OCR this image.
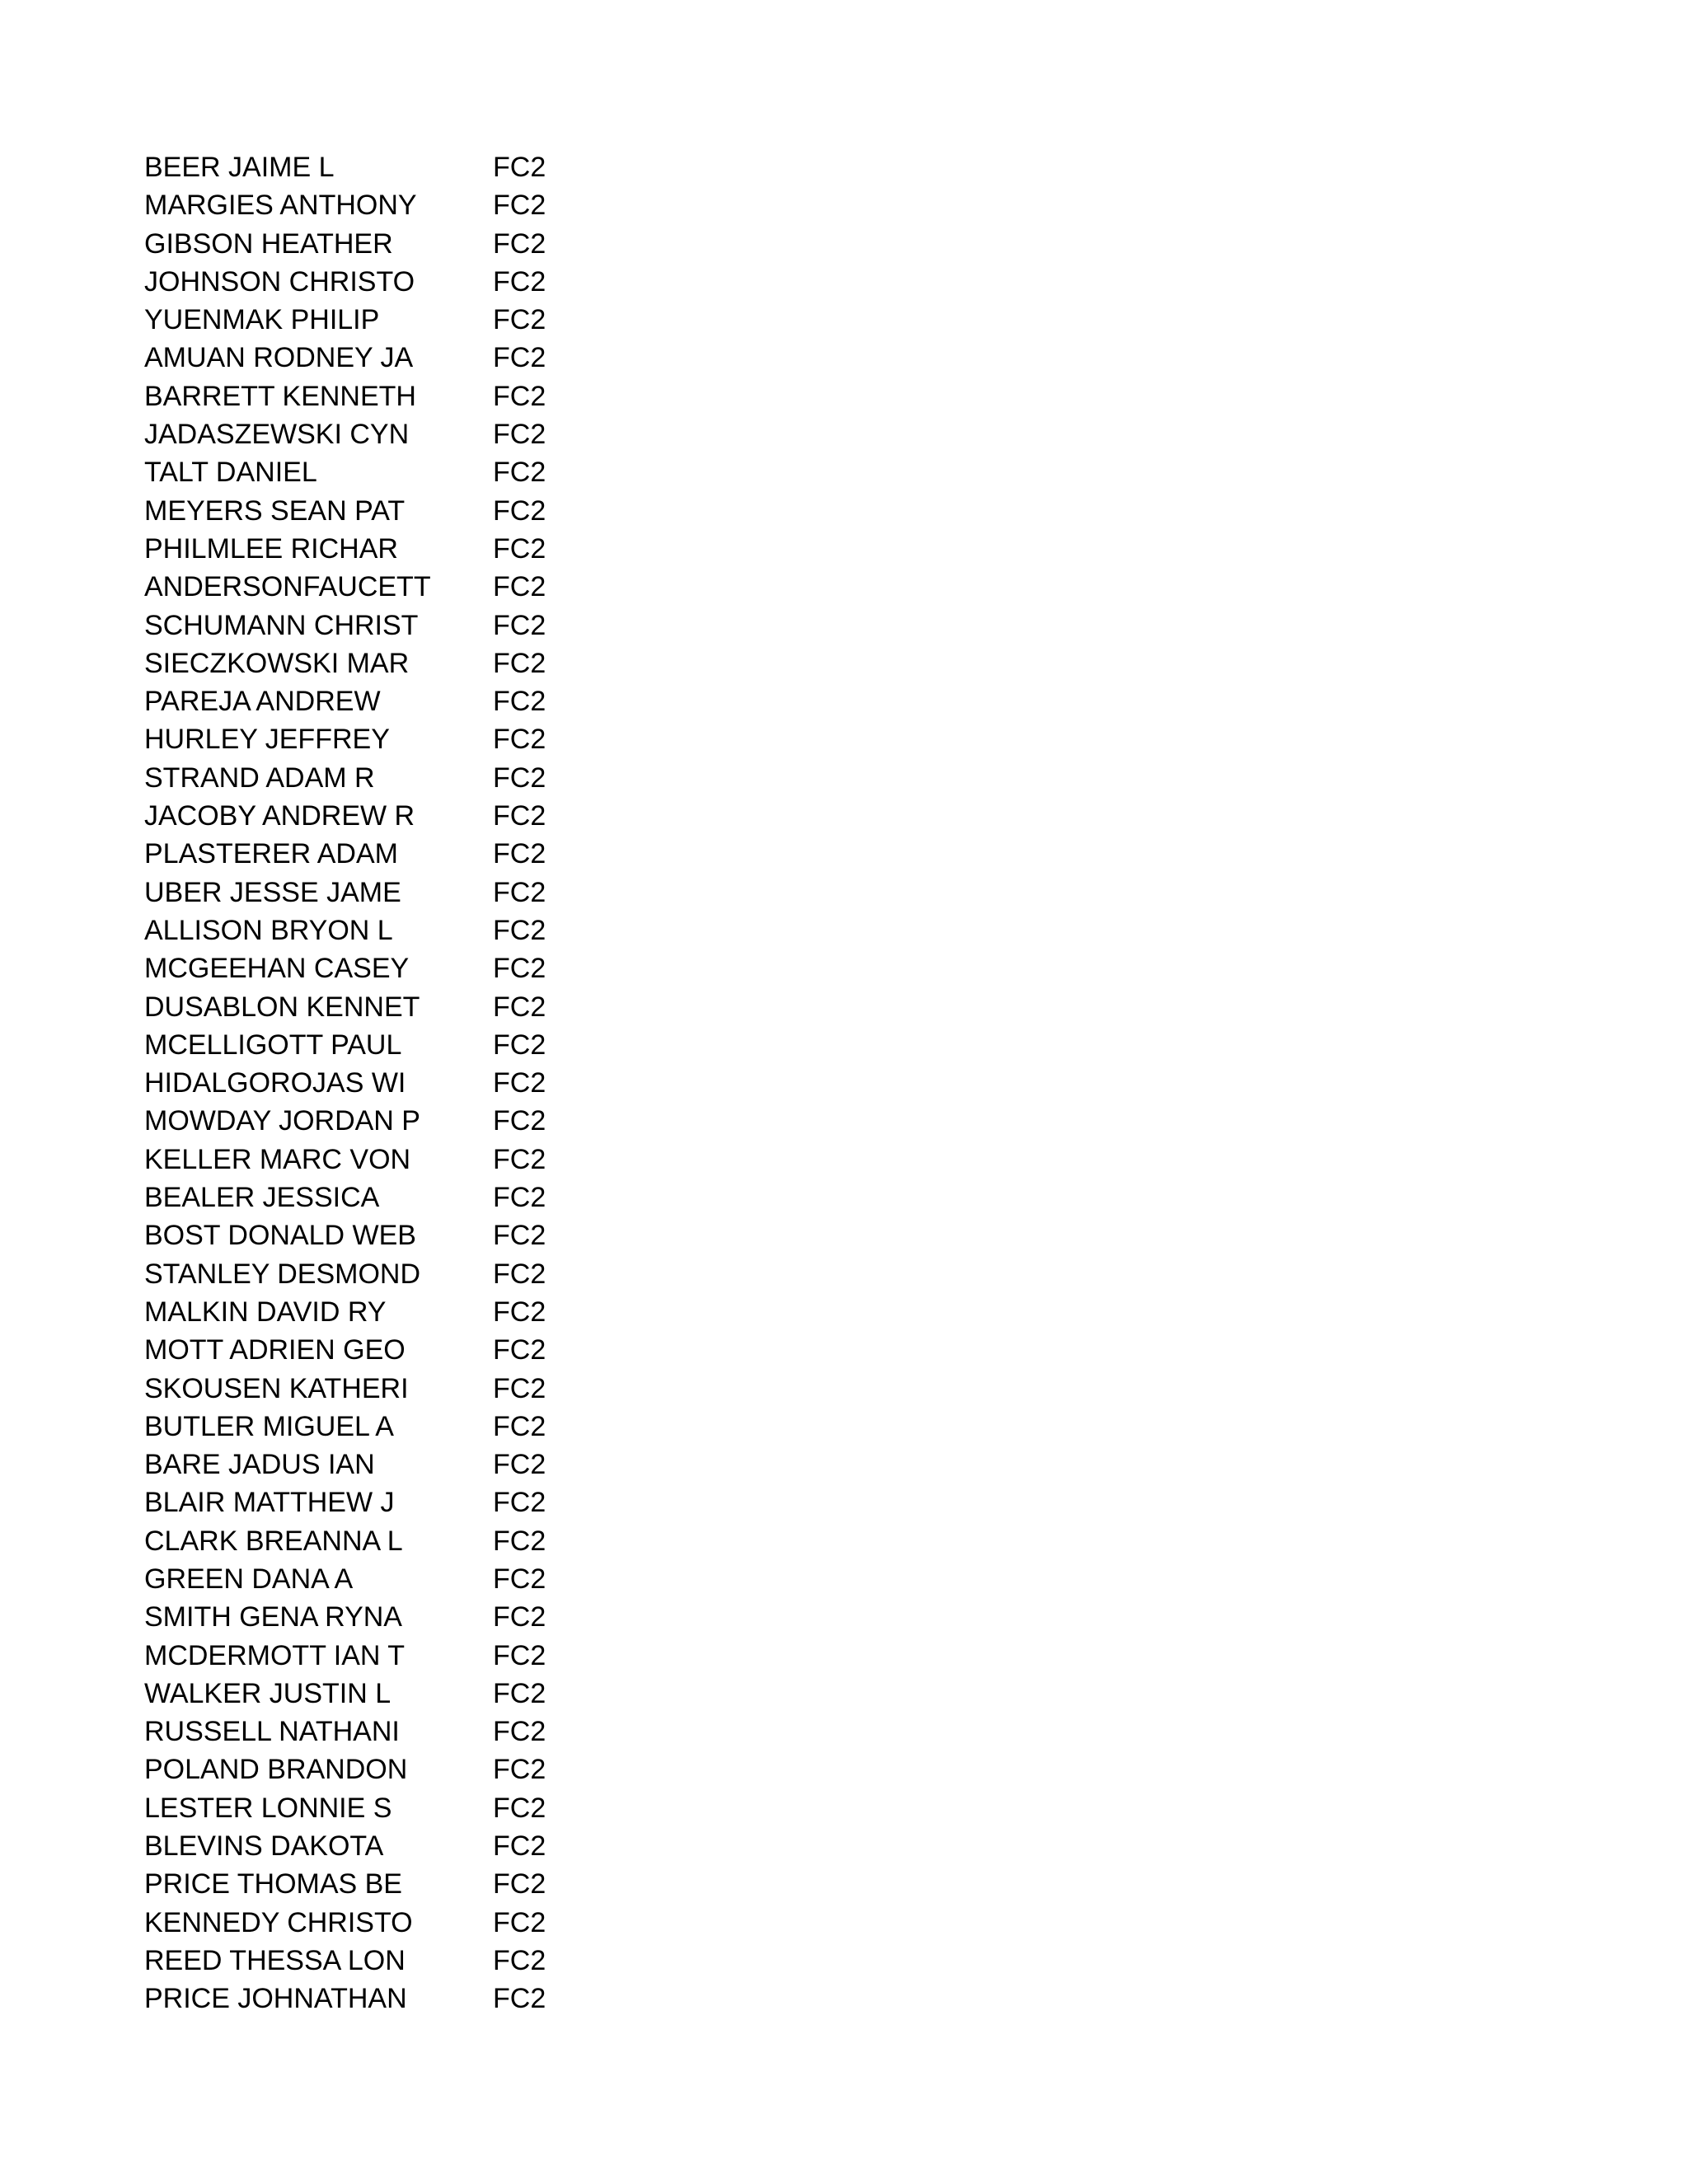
BEER JAIME L	FC2
MARGIES ANTHONY	FC2
GIBSON HEATHER	FC2
JOHNSON CHRISTO	FC2
YUENMAK PHILIP	FC2
AMUAN RODNEY JA	FC2
BARRETT KENNETH	FC2
JADASZEWSKI CYN	FC2
TALT DANIEL	FC2
MEYERS SEAN PAT	FC2
PHILMLEE RICHAR	FC2
ANDERSONFAUCETT FC2
SCHUMANN CHRIST	FC2
SIECZKOWSKI MAR	FC2
PAREJA ANDREW	FC2
HURLEY JEFFREY	FC2
STRAND ADAM R	FC2
JACOBY ANDREW R	FC2
PLASTERER ADAM	FC2
UBER JESSE JAME	FC2
ALLISON BRYON L	FC2
MCGEEHAN CASEY	FC2
DUSABLON KENNET	FC2
MCELLIGOTT PAUL	FC2
HIDALGOROJAS WI	FC2
MOWDAY JORDAN P	FC2
KELLER MARC VON	FC2
BEALER JESSICA	FC2
BOST DONALD WEB	FC2
STANLEY DESMOND	FC2
MALKIN DAVID RY	FC2
MOTT ADRIEN GEO	FC2
SKOUSEN KATHERI	FC2
BUTLER MIGUEL A	FC2
BARE JADUS IAN	FC2
BLAIR MATTHEW J	FC2
CLARK BREANNA L	FC2
GREEN DANA A	FC2
SMITH GENA RYNA	FC2
MCDERMOTT IAN T	FC2
WALKER JUSTIN L	FC2
RUSSELL NATHANI	FC2
POLAND BRANDON	FC2
LESTER LONNIE S	FC2
BLEVINS DAKOTA	FC2
PRICE THOMAS BE	FC2
KENNEDY CHRISTO	FC2
REED THESSA LON	FC2
PRICE JOHNATHAN	FC2
